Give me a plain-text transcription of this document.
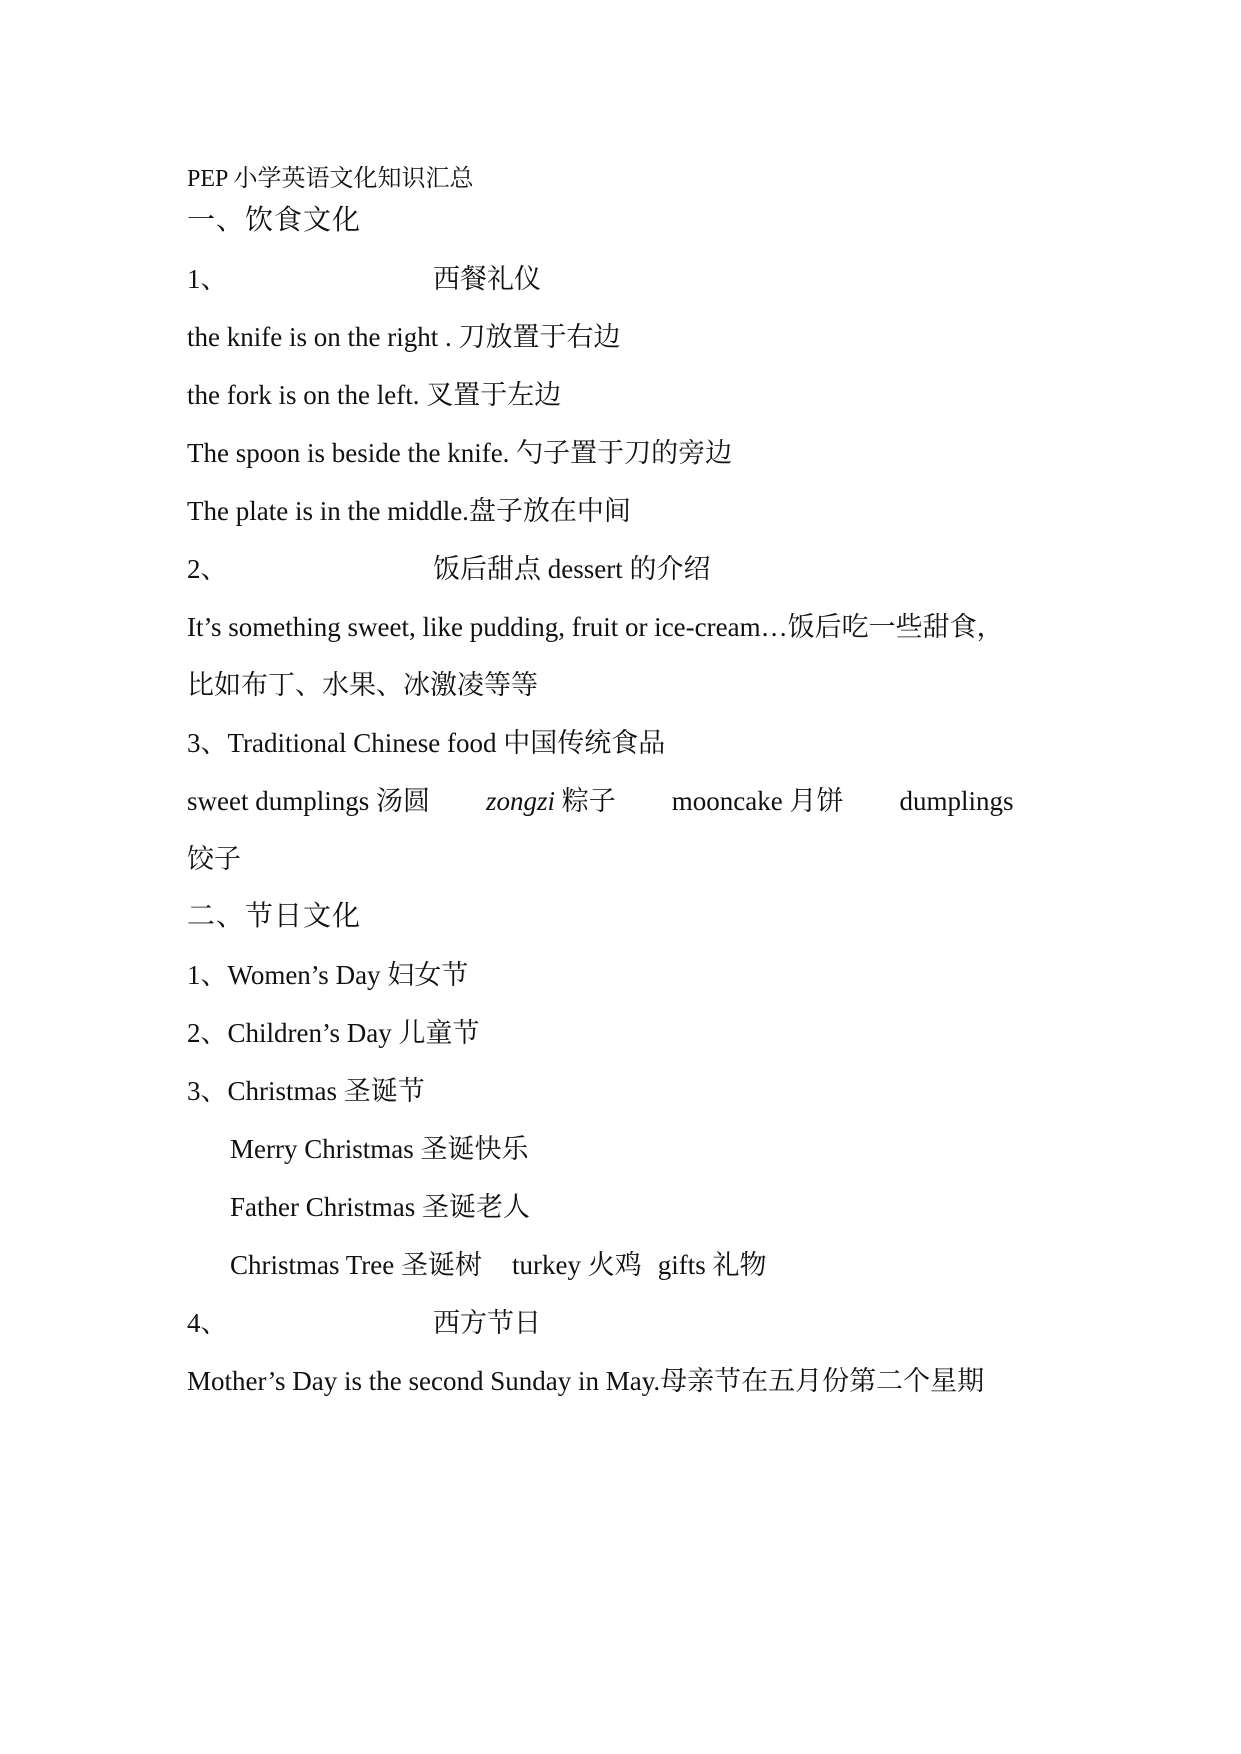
PEP 小学英语文化知识汇总
一、饮食文化
1、	西餐礼仪
the knife is on the right . 刀放置于右边
the fork is on the left. 叉置于左边
The spoon is beside the knife. 勺子置于刀的旁边
The plate is in the middle.盘子放在中间
2、	饭后甜点 dessert 的介绍
It’s something sweet, like pudding, fruit or ice-cream…饭后吃一些甜食，
比如布丁、水果、冰激凌等等
3、Traditional Chinese food 中国传统食品
sweet dumplings 汤圆 zongzi 粽子 mooncake 月饼 dumplings
饺子
二、节日文化
1、Women’s Day 妇女节
2、Children’s Day 儿童节
3、Christmas 圣诞节
Merry Christmas 圣诞快乐
Father Christmas 圣诞老人
Christmas Tree 圣诞树 turkey 火鸡 gifts 礼物
4、	西方节日
Mother’s Day is the second Sunday in May.母亲节在五月份第二个星期
